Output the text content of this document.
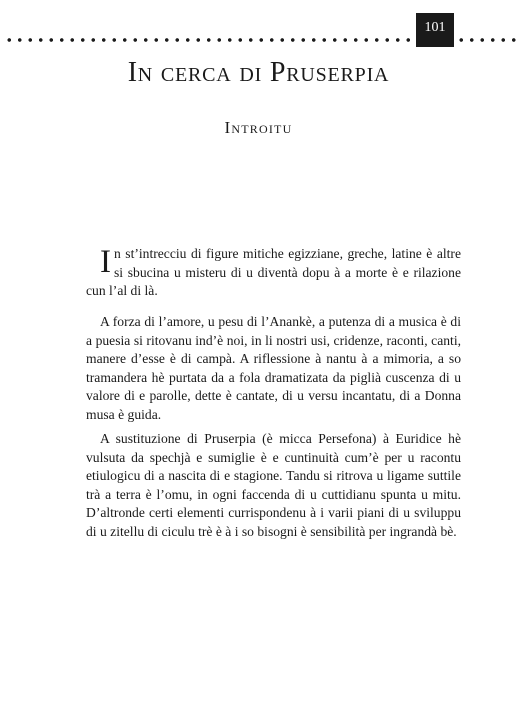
101
In cerca di Pruserpia
Introitu

In st’intrecciu di figure mitiche egizziane, greche, latine è altre si sbucina u misteru di u diventà dopu à a morte è e rilazione cun l’al di là.

A forza di l’amore, u pesu di l’Anankè, a putenza di a musica è di a puesia si ritovanu ind’è noi, in li nostri usi, cridenze, raconti, canti, manere d’esse è di campà. A riflessione à nantu à a mimoria, a so tramandera hè purtata da a fola dramatizata da piglià cuscenza di u valore di e parolle, dette è cantate, di u versu incantatu, di a Donna musa è guida.

A sustituzione di Pruserpia (è micca Persefona) à Euridice hè vulsuta da spechjà e sumiglie è e cuntinuità cum’è per u racontu etiulogicu di a nascita di e stagione. Tandu si ritrova u ligame suttile trà a terra è l’omu, in ogni faccenda di u cuttidianu spunta u mitu. D’altronde certi elementi currispondenu à i varii piani di u sviluppu di u zitellu di ciculu trè è à i so bisogni è sensibilità per ingrandà bè.
